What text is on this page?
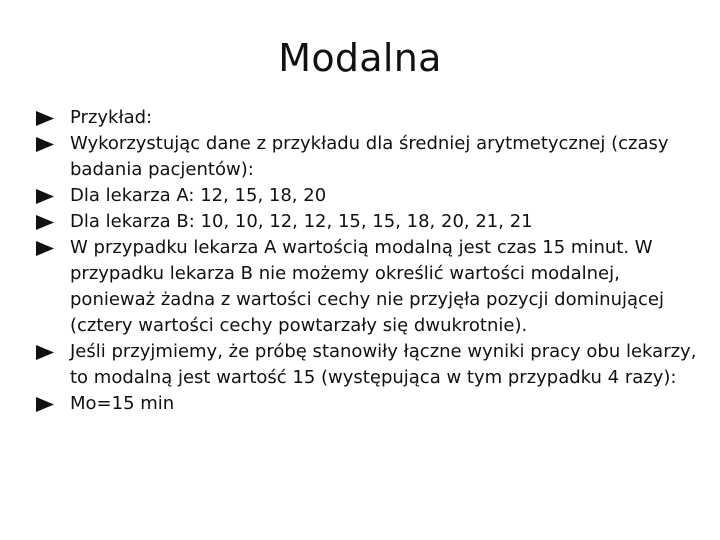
Modalna
Przykład:
Wykorzystując dane z przykładu dla średniej arytmetycznej (czasy badania pacjentów):
Dla lekarza A: 12, 15, 18, 20
Dla lekarza B: 10, 10, 12, 12, 15, 15, 18, 20, 21, 21
W przypadku lekarza A wartością modalną jest czas 15 minut. W przypadku lekarza B nie możemy określić wartości modalnej, ponieważ żadna z wartości cechy nie przyjęła pozycji dominującej (cztery wartości cechy powtarzały się dwukrotnie).
Jeśli przyjmiemy, że próbę stanowiły łączne wyniki pracy obu lekarzy, to modalną jest wartość 15 (występująca w tym przypadku 4 razy):
Mo=15 min
